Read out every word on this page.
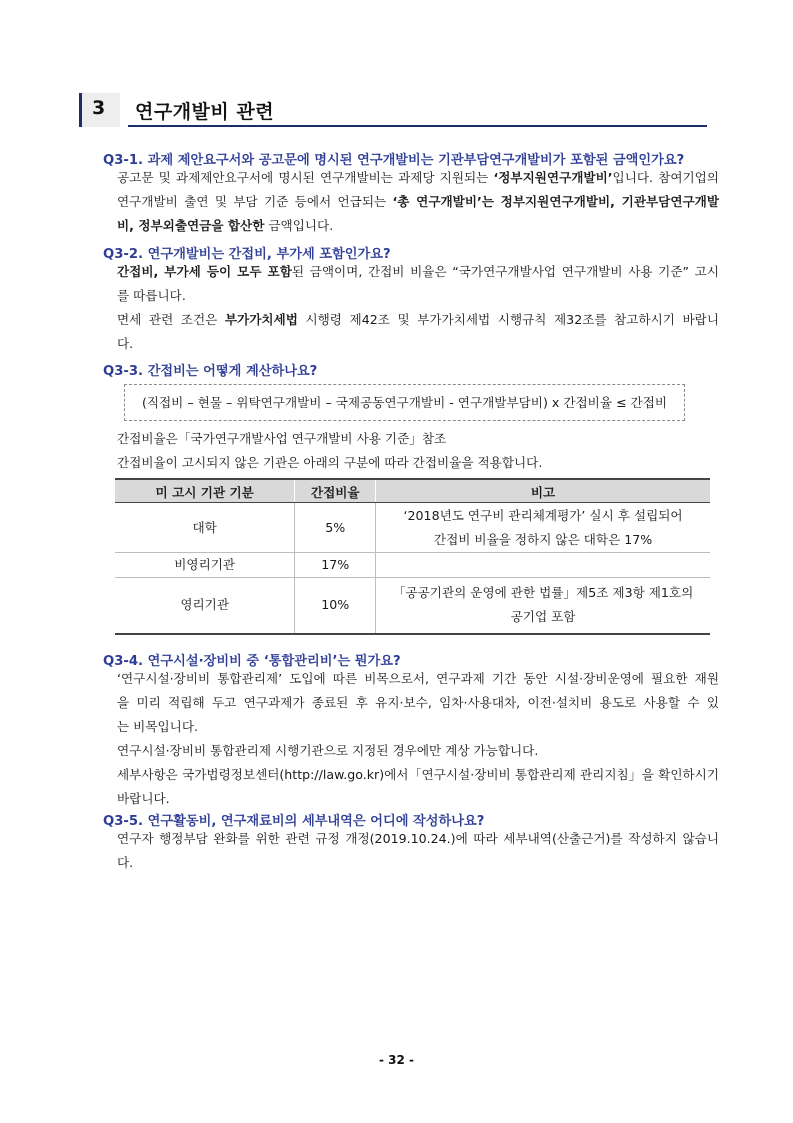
3 연구개발비 관련
Q3-1. 과제 제안요구서와 공고문에 명시된 연구개발비는 기관부담연구개발비가 포함된 금액인가요?
공고문 및 과제제안요구서에 명시된 연구개발비는 과제당 지원되는 ‘정부지원연구개발비’입니다. 참여기업의
연구개발비 출연 및 부담 기준 등에서 언급되는 ‘총 연구개발비’는 정부지원연구개발비, 기관부담연구개발
비, 정부외출연금을 합산한 금액입니다.
Q3-2. 연구개발비는 간접비, 부가세 포함인가요?
간접비, 부가세 등이 모두 포함된 금액이며, 간접비 비율은 “국가연구개발사업 연구개발비 사용 기준” 고시
를 따릅니다.
면세 관련 조건은 부가가치세법 시행령 제42조 및 부가가치세법 시행규칙 제32조를 참고하시기 바랍니
다.
Q3-3. 간접비는 어떻게 계산하나요?
(직접비 – 현물 – 위탁연구개발비 – 국제공동연구개발비 - 연구개발부담비) x 간접비율 ≤ 간접비
간접비율은「국가연구개발사업 연구개발비 사용 기준」참조
간접비율이 고시되지 않은 기관은 아래의 구분에 따라 간접비율을 적용합니다.
미 고시 기관 기분	간접비율	비고
대학	5%	‘2018년도 연구비 관리체계평가’ 실시 후 설립되어
간접비 비율을 정하지 않은 대학은 17%

비영리기관	17%	
영리기관	10%	「공공기관의 운영에 관한 법률」제5조 제3항 제1호의
공기업 포함
Q3-4. 연구시설·장비비 중 ‘통합관리비’는 뭔가요?
‘연구시설·장비비 통합관리제’ 도입에 따른 비목으로서, 연구과제 기간 동안 시설·장비운영에 필요한 재원
을 미리 적립해 두고 연구과제가 종료된 후 유지·보수, 임차·사용대차, 이전·설치비 용도로 사용할 수 있
는 비목입니다.
연구시설·장비비 통합관리제 시행기관으로 지정된 경우에만 계상 가능합니다.
세부사항은 국가법령정보센터(http://law.go.kr)에서「연구시설·장비비 통합관리제 관리지침」을 확인하시기
바랍니다.
Q3-5. 연구활동비, 연구재료비의 세부내역은 어디에 작성하나요?
연구자 행정부담 완화를 위한 관련 규정 개정(2019.10.24.)에 따라 세부내역(산출근거)를 작성하지 않습니
다.
- 32 -
